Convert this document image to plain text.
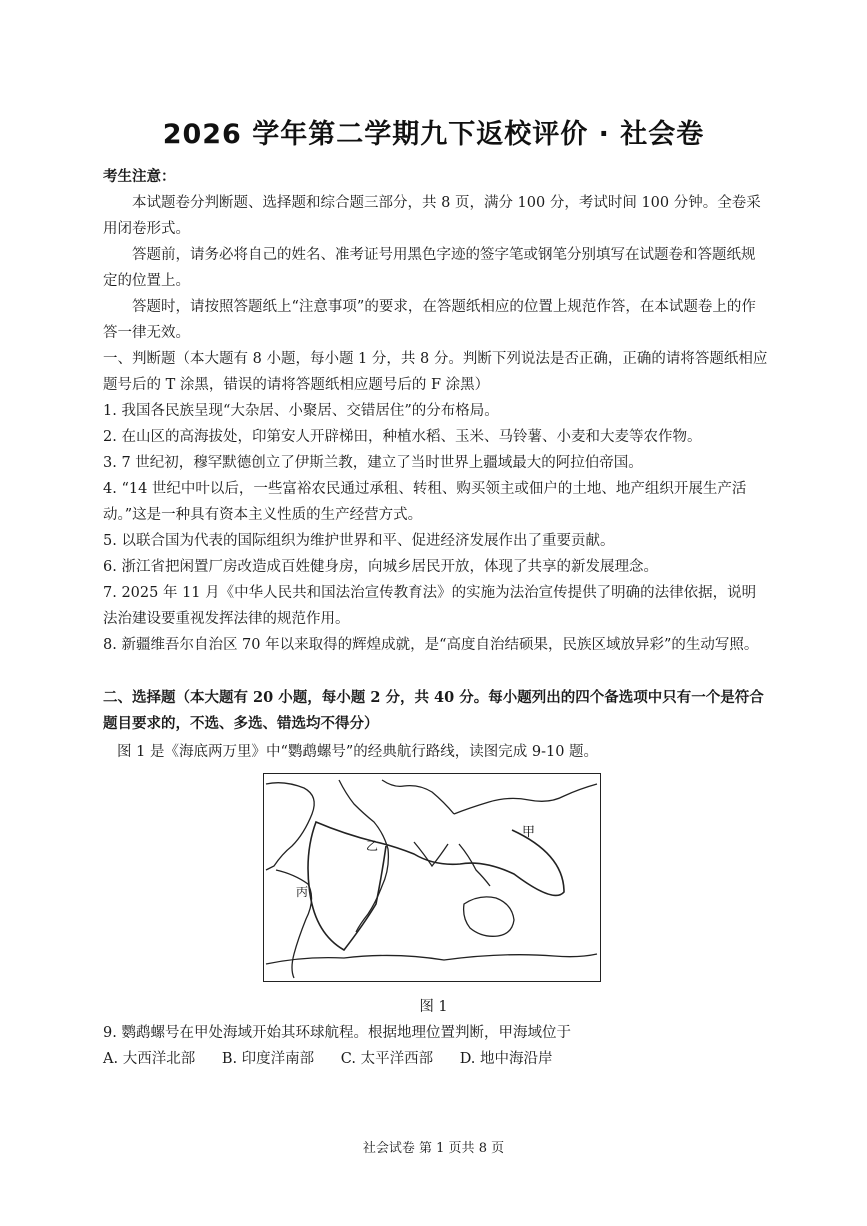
2026 学年第二学期九下返校评价 · 社会卷
考生注意：
本试题卷分判断题、选择题和综合题三部分，共 8 页，满分 100 分，考试时间 100 分钟。全卷采用闭卷形式。
答题前，请务必将自己的姓名、准考证号用黑色字迹的签字笔或钢笔分别填写在试题卷和答题纸规定的位置上。
答题时，请按照答题纸上“注意事项”的要求，在答题纸相应的位置上规范作答，在本试题卷上的作答一律无效。
一、判断题（本大题有 8 小题，每小题 1 分，共 8 分。判断下列说法是否正确，正确的请将答题纸相应题号后的 T 涂黑，错误的请将答题纸相应题号后的 F 涂黑）
1. 我国各民族呈现“大杂居、小聚居、交错居住”的分布格局。
2. 在山区的高海拔处，印第安人开辟梯田，种植水稻、玉米、马铃薯、小麦和大麦等农作物。
3. 7 世纪初，穆罕默德创立了伊斯兰教，建立了当时世界上疆域最大的阿拉伯帝国。
4. “14 世纪中叶以后，一些富裕农民通过承租、转租、购买领主或佃户的土地、地产组织开展生产活动。”这是一种具有资本主义性质的生产经营方式。
5. 以联合国为代表的国际组织为维护世界和平、促进经济发展作出了重要贡献。
6. 浙江省把闲置厂房改造成百姓健身房，向城乡居民开放，体现了共享的新发展理念。
7. 2025 年 11 月《中华人民共和国法治宣传教育法》的实施为法治宣传提供了明确的法律依据，说明法治建设要重视发挥法律的规范作用。
8. 新疆维吾尔自治区 70 年以来取得的辉煌成就，是“高度自治结硕果，民族区域放异彩”的生动写照。
二、选择题（本大题有 20 小题，每小题 2 分，共 40 分。每小题列出的四个备选项中只有一个是符合题目要求的，不选、多选、错选均不得分）
图 1 是《海底两万里》中“鹦鹉螺号”的经典航行路线，读图完成 9-10 题。
甲
乙
丙
图 1
9. 鹦鹉螺号在甲处海域开始其环球航程。根据地理位置判断，甲海域位于
A. 大西洋北部 B. 印度洋南部 C. 太平洋西部 D. 地中海沿岸
社会试卷 第 1 页共 8 页
